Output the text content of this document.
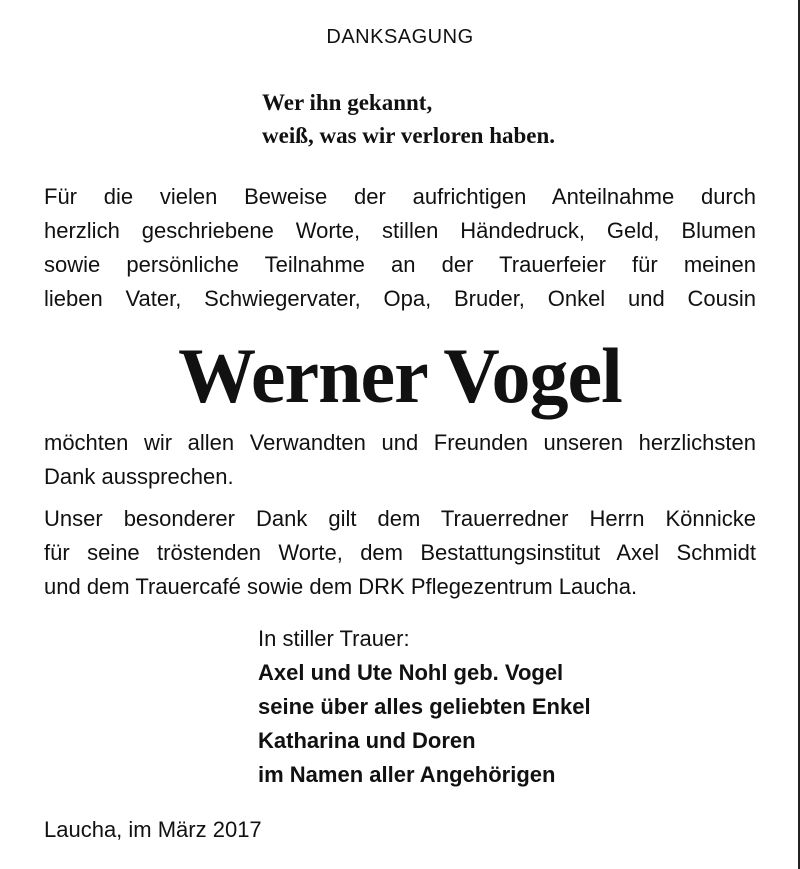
DANKSAGUNG
Wer ihn gekannt,
weiß, was wir verloren haben.
Für die vielen Beweise der aufrichtigen Anteilnahme durch
herzlich geschriebene Worte, stillen Händedruck, Geld, Blumen
sowie persönliche Teilnahme an der Trauerfeier für meinen
lieben Vater, Schwiegervater, Opa, Bruder, Onkel und Cousin
Werner Vogel
möchten wir allen Verwandten und Freunden unseren herzlichsten
Dank aussprechen.
Unser besonderer Dank gilt dem Trauerredner Herrn Könnicke
für seine tröstenden Worte, dem Bestattungsinstitut Axel Schmidt
und dem Trauercafé sowie dem DRK Pflegezentrum Laucha.
In stiller Trauer:
Axel und Ute Nohl geb. Vogel
seine über alles geliebten Enkel
Katharina und Doren
im Namen aller Angehörigen
Laucha, im März 2017
